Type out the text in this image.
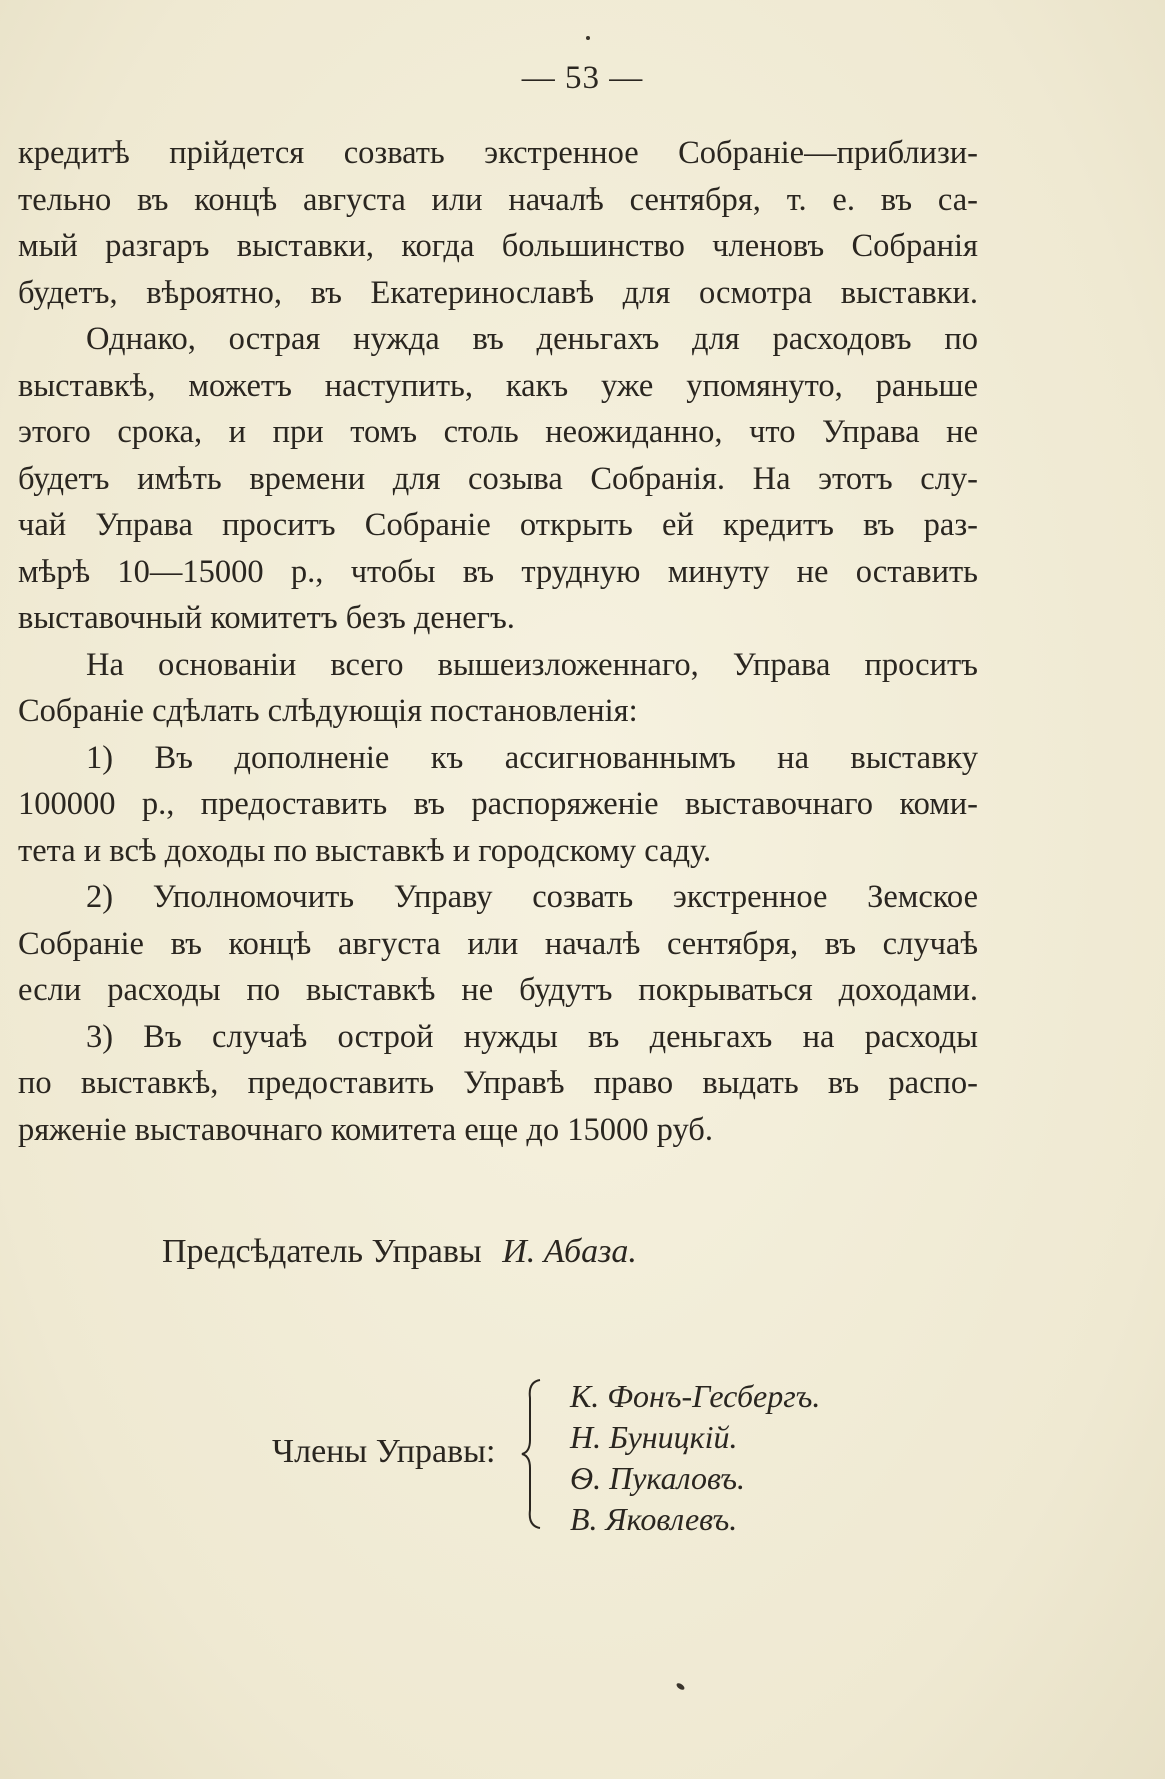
— 53 —

кредитѣ прійдется созвать экстренное Собраніе—приблизи-
тельно въ концѣ августа или началѣ сентября, т. е. въ са-
мый разгаръ выставки, когда большинство членовъ Собранія
будетъ, вѣроятно, въ Екатеринославѣ для осмотра выставки.

Однако, острая нужда въ деньгахъ для расходовъ по
выставкѣ, можетъ наступить, какъ уже упомянуто, раньше
этого срока, и при томъ столь неожиданно, что Управа не
будетъ имѣть времени для созыва Собранія. На этотъ слу-
чай Управа проситъ Собраніе открыть ей кредитъ въ раз-
мѣрѣ 10—15000 р., чтобы въ трудную минуту не оставить
выставочный комитетъ безъ денегъ.

На основаніи всего вышеизложеннаго, Управа проситъ
Собраніе сдѣлать слѣдующія постановленія:

1) Въ дополненіе къ ассигнованнымъ на выставку
100000 р., предоставить въ распоряженіе выставочнаго коми-
тета и всѣ доходы по выставкѣ и городскому саду.

2) Уполномочить Управу созвать экстренное Земское
Собраніе въ концѣ августа или началѣ сентября, въ случаѣ
если расходы по выставкѣ не будутъ покрываться доходами.

3) Въ случаѣ острой нужды въ деньгахъ на расходы
по выставкѣ, предоставить Управѣ право выдать въ распо-
ряженіе выставочнаго комитета еще до 15000 руб.

Предсѣдатель Управы И. Абаза.
Члены Управы:
К. Фонъ-Гесбергъ.
Н. Буницкій.
Ѳ. Пукаловъ.
В. Яковлевъ.
